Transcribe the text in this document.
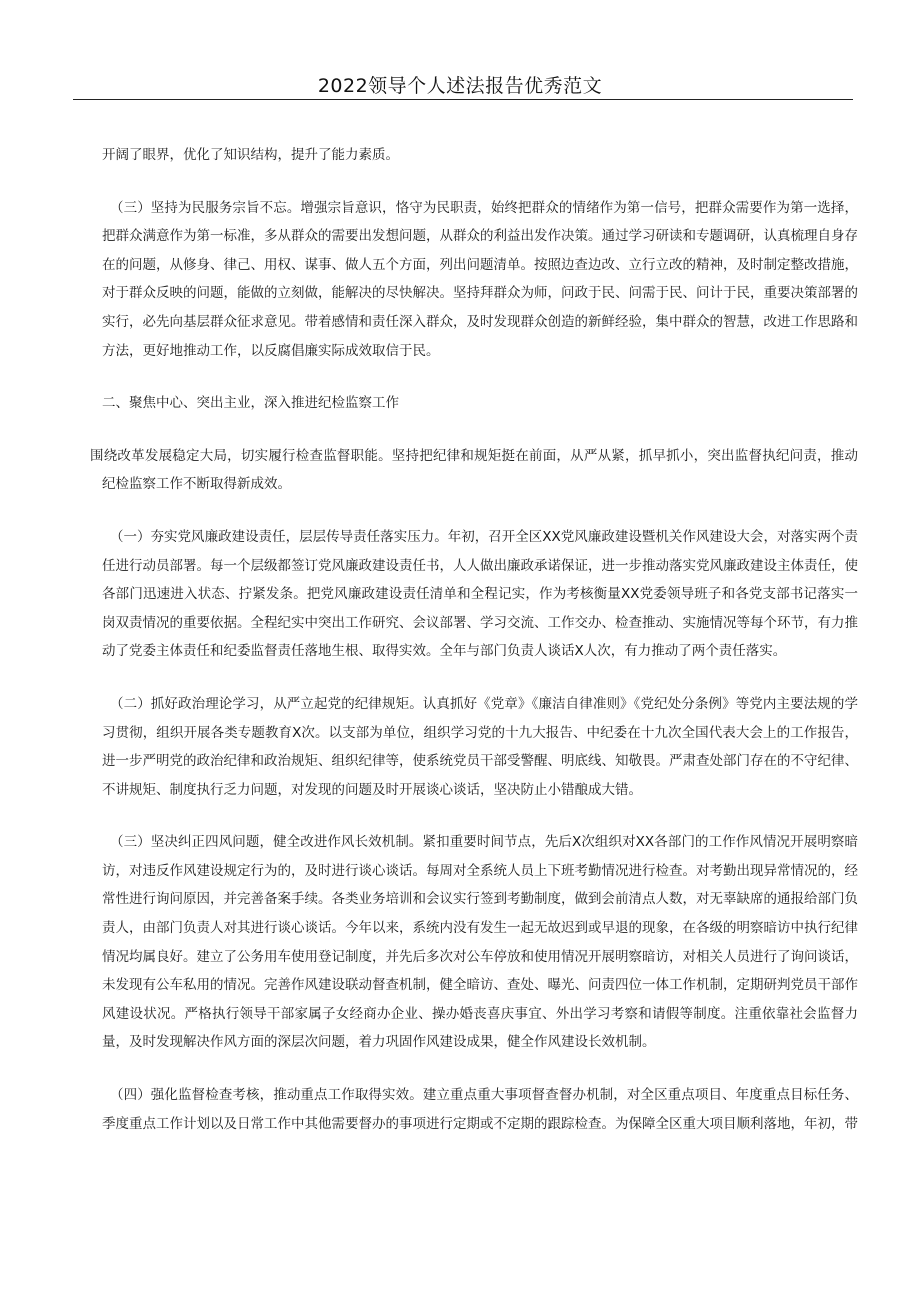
2022领导个人述法报告优秀范文

开阔了眼界，优化了知识结构，提升了能力素质。

（三）坚持为民服务宗旨不忘。增强宗旨意识，恪守为民职责，始终把群众的情绪作为第一信号，把群众需要作为第一选择，把群众满意作为第一标准，多从群众的需要出发想问题，从群众的利益出发作决策。通过学习研读和专题调研，认真梳理自身存在的问题，从修身、律己、用权、谋事、做人五个方面，列出问题清单。按照边查边改、立行立改的精神，及时制定整改措施，对于群众反映的问题，能做的立刻做，能解决的尽快解决。坚持拜群众为师，问政于民、问需于民、问计于民，重要决策部署的实行，必先向基层群众征求意见。带着感情和责任深入群众，及时发现群众创造的新鲜经验，集中群众的智慧，改进工作思路和方法，更好地推动工作，以反腐倡廉实际成效取信于民。

二、聚焦中心、突出主业，深入推进纪检监察工作

围绕改革发展稳定大局，切实履行检查监督职能。坚持把纪律和规矩挺在前面，从严从紧，抓早抓小，突出监督执纪问责，推动纪检监察工作不断取得新成效。

（一）夯实党风廉政建设责任，层层传导责任落实压力。年初，召开全区XX党风廉政建设暨机关作风建设大会，对落实两个责任进行动员部署。每一个层级都签订党风廉政建设责任书，人人做出廉政承诺保证，进一步推动落实党风廉政建设主体责任，使各部门迅速进入状态、拧紧发条。把党风廉政建设责任清单和全程记实，作为考核衡量XX党委领导班子和各党支部书记落实一岗双责情况的重要依据。全程纪实中突出工作研究、会议部署、学习交流、工作交办、检查推动、实施情况等每个环节，有力推动了党委主体责任和纪委监督责任落地生根、取得实效。全年与部门负责人谈话X人次，有力推动了两个责任落实。

（二）抓好政治理论学习，从严立起党的纪律规矩。认真抓好《党章》《廉洁自律准则》《党纪处分条例》等党内主要法规的学习贯彻，组织开展各类专题教育X次。以支部为单位，组织学习党的十九大报告、中纪委在十九次全国代表大会上的工作报告，进一步严明党的政治纪律和政治规矩、组织纪律等，使系统党员干部受警醒、明底线、知敬畏。严肃查处部门存在的不守纪律、不讲规矩、制度执行乏力问题，对发现的问题及时开展谈心谈话，坚决防止小错酿成大错。

（三）坚决纠正四风问题，健全改进作风长效机制。紧扣重要时间节点，先后X次组织对XX各部门的工作作风情况开展明察暗访，对违反作风建设规定行为的，及时进行谈心谈话。每周对全系统人员上下班考勤情况进行检查。对考勤出现异常情况的，经常性进行询问原因，并完善备案手续。各类业务培训和会议实行签到考勤制度，做到会前清点人数，对无辜缺席的通报给部门负责人，由部门负责人对其进行谈心谈话。今年以来，系统内没有发生一起无故迟到或早退的现象，在各级的明察暗访中执行纪律情况均属良好。建立了公务用车使用登记制度，并先后多次对公车停放和使用情况开展明察暗访，对相关人员进行了询问谈话，未发现有公车私用的情况。完善作风建设联动督查机制，健全暗访、查处、曝光、问责四位一体工作机制，定期研判党员干部作风建设状况。严格执行领导干部家属子女经商办企业、操办婚丧喜庆事宜、外出学习考察和请假等制度。注重依靠社会监督力量，及时发现解决作风方面的深层次问题，着力巩固作风建设成果，健全作风建设长效机制。

（四）强化监督检查考核，推动重点工作取得实效。建立重点重大事项督查督办机制，对全区重点项目、年度重点目标任务、季度重点工作计划以及日常工作中其他需要督办的事项进行定期或不定期的跟踪检查。为保障全区重大项目顺利落地，年初，带
